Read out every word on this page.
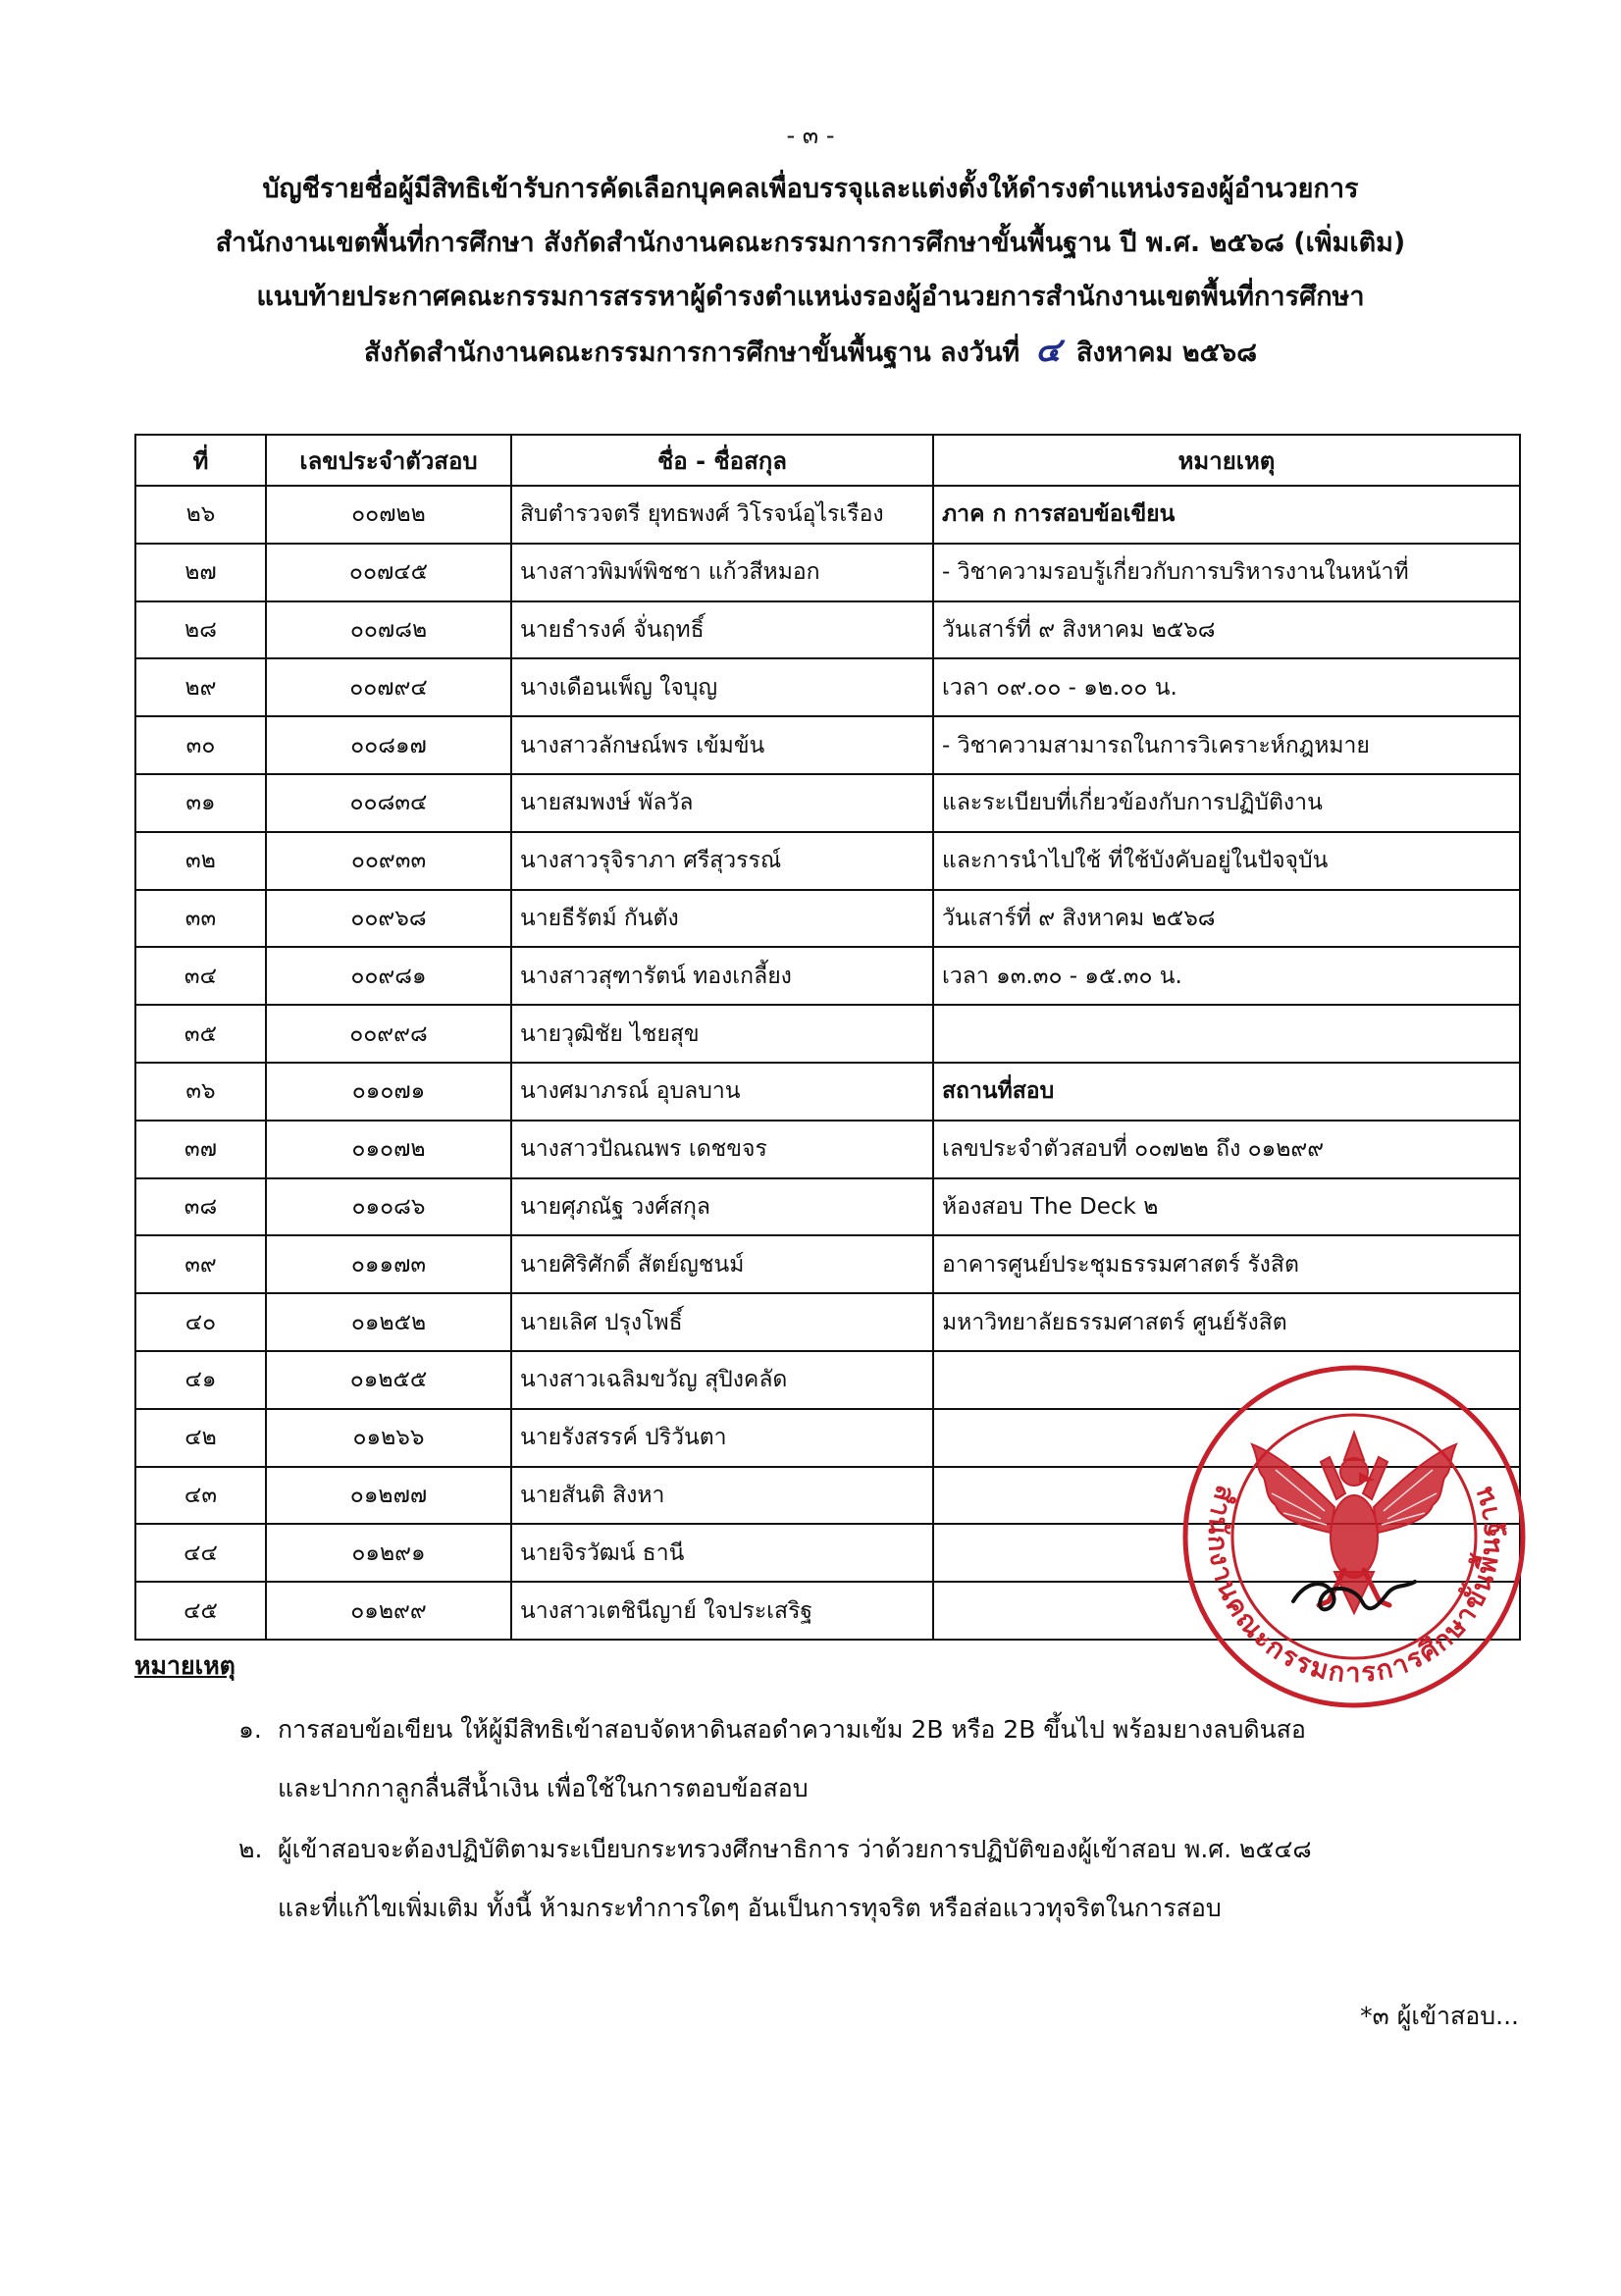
- ๓ -
บัญชีรายชื่อผู้มีสิทธิเข้ารับการคัดเลือกบุคคลเพื่อบรรจุและแต่งตั้งให้ดำรงตำแหน่งรองผู้อำนวยการ
สำนักงานเขตพื้นที่การศึกษา สังกัดสำนักงานคณะกรรมการการศึกษาขั้นพื้นฐาน ปี พ.ศ. ๒๕๖๘ (เพิ่มเติม)
แนบท้ายประกาศคณะกรรมการสรรหาผู้ดำรงตำแหน่งรองผู้อำนวยการสำนักงานเขตพื้นที่การศึกษา
สังกัดสำนักงานคณะกรรมการการศึกษาขั้นพื้นฐาน ลงวันที่ ๔ สิงหาคม ๒๕๖๘
ที่	เลขประจำตัวสอบ	ชื่อ - ชื่อสกุล	หมายเหตุ
๒๖	๐๐๗๒๒	สิบตำรวจตรี ยุทธพงศ์ วิโรจน์อุไรเรือง	ภาค ก การสอบข้อเขียน
๒๗	๐๐๗๔๕	นางสาวพิมพ์พิชชา แก้วสีหมอก	- วิชาความรอบรู้เกี่ยวกับการบริหารงานในหน้าที่
๒๘	๐๐๗๘๒	นายธำรงค์ จั่นฤทธิ์	วันเสาร์ที่ ๙ สิงหาคม ๒๕๖๘
๒๙	๐๐๗๙๔	นางเดือนเพ็ญ ใจบุญ	เวลา ๐๙.๐๐ - ๑๒.๐๐ น.
๓๐	๐๐๘๑๗	นางสาวลักษณ์พร เข้มข้น	- วิชาความสามารถในการวิเคราะห์กฎหมาย
๓๑	๐๐๘๓๔	นายสมพงษ์ พัลวัล	และระเบียบที่เกี่ยวข้องกับการปฏิบัติงาน
๓๒	๐๐๙๓๓	นางสาวรุจิราภา ศรีสุวรรณ์	และการนำไปใช้ ที่ใช้บังคับอยู่ในปัจจุบัน
๓๓	๐๐๙๖๘	นายธีรัตม์ กันตัง	วันเสาร์ที่ ๙ สิงหาคม ๒๕๖๘
๓๔	๐๐๙๘๑	นางสาวสุฑารัตน์ ทองเกลี้ยง	เวลา ๑๓.๓๐ - ๑๕.๓๐ น.
๓๕	๐๐๙๙๘	นายวุฒิชัย ไชยสุข	
๓๖	๐๑๐๗๑	นางศมาภรณ์ อุบลบาน	สถานที่สอบ
๓๗	๐๑๐๗๒	นางสาวปัณณพร เดชขจร	เลขประจำตัวสอบที่ ๐๐๗๒๒ ถึง ๐๑๒๙๙
๓๘	๐๑๐๘๖	นายศุภณัฐ วงศ์สกุล	ห้องสอบ The Deck ๒
๓๙	๐๑๑๗๓	นายศิริศักดิ์ สัตย์ญชนม์	อาคารศูนย์ประชุมธรรมศาสตร์ รังสิต
๔๐	๐๑๒๕๒	นายเลิศ ปรุงโพธิ์	มหาวิทยาลัยธรรมศาสตร์ ศูนย์รังสิต
๔๑	๐๑๒๕๕	นางสาวเฉลิมขวัญ สุปิงคลัด	
๔๒	๐๑๒๖๖	นายรังสรรค์ ปริวันตา	
๔๓	๐๑๒๗๗	นายสันติ สิงหา	
๔๔	๐๑๒๙๑	นายจิรวัฒน์ ธานี	
๔๕	๐๑๒๙๙	นางสาวเตชินีญาย์ ใจประเสริฐ	
สำนักงานคณะกรรมการการศึกษาขั้นพื้นฐาน
หมายเหตุ
๑. การสอบข้อเขียน ให้ผู้มีสิทธิเข้าสอบจัดหาดินสอดำความเข้ม 2B หรือ 2B ขึ้นไป พร้อมยางลบดินสอ
และปากกาลูกลื่นสีน้ำเงิน เพื่อใช้ในการตอบข้อสอบ
๒. ผู้เข้าสอบจะต้องปฏิบัติตามระเบียบกระทรวงศึกษาธิการ ว่าด้วยการปฏิบัติของผู้เข้าสอบ พ.ศ. ๒๕๔๘
และที่แก้ไขเพิ่มเติม ทั้งนี้ ห้ามกระทำการใดๆ อันเป็นการทุจริต หรือส่อแววทุจริตในการสอบ
*๓ ผู้เข้าสอบ...
